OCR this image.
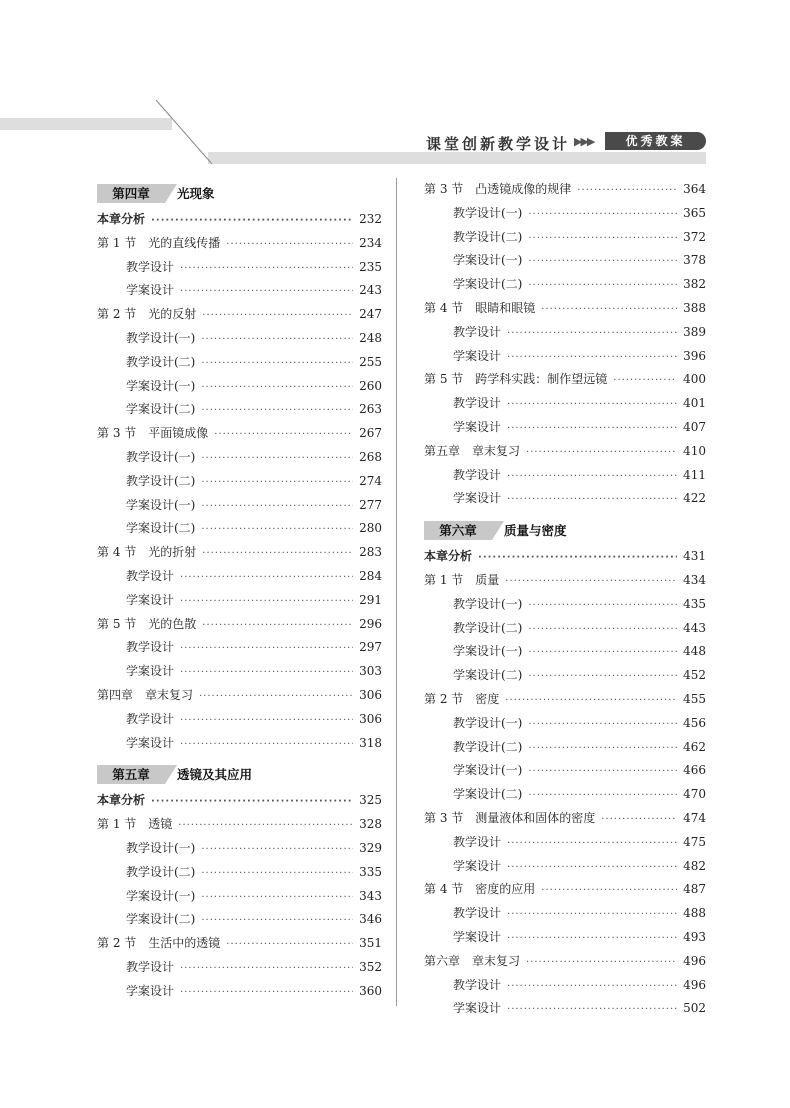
课堂创新教学设计 ▶▶▶	优秀教案
第四章	光现象
本章分析 ·····	232
第 1 节　光的直线传播 ·····	234
教学设计 ·····	235
学案设计 ·····	243
第 2 节　光的反射 ·····	247
教学设计(一) ·····	248
教学设计(二) ·····	255
学案设计(一) ·····	260
学案设计(二) ·····	263
第 3 节　平面镜成像 ·····	267
教学设计(一) ·····	268
教学设计(二) ·····	274
学案设计(一) ·····	277
学案设计(二) ·····	280
第 4 节　光的折射 ·····	283
教学设计 ·····	284
学案设计 ·····	291
第 5 节　光的色散 ·····	296
教学设计 ·····	297
学案设计 ·····	303
第四章　章末复习 ·····	306
教学设计 ·····	306
学案设计 ·····	318
第五章	透镜及其应用
本章分析 ·····	325
第 1 节　透镜 ·····	328
教学设计(一) ·····	329
教学设计(二) ·····	335
学案设计(一) ·····	343
学案设计(二) ·····	346
第 2 节　生活中的透镜 ·····	351
教学设计 ·····	352
学案设计 ·····	360
第 3 节　凸透镜成像的规律 ·····	364
教学设计(一) ·····	365
教学设计(二) ·····	372
学案设计(一) ·····	378
学案设计(二) ·····	382
第 4 节　眼睛和眼镜 ·····	388
教学设计 ·····	389
学案设计 ·····	396
第 5 节　跨学科实践：制作望远镜 ·····	400
教学设计 ·····	401
学案设计 ·····	407
第五章　章末复习 ·····	410
教学设计 ·····	411
学案设计 ·····	422
第六章	质量与密度
本章分析 ·····	431
第 1 节　质量 ·····	434
教学设计(一) ·····	435
教学设计(二) ·····	443
学案设计(一) ·····	448
学案设计(二) ·····	452
第 2 节　密度 ·····	455
教学设计(一) ·····	456
教学设计(二) ·····	462
学案设计(一) ·····	466
学案设计(二) ·····	470
第 3 节　测量液体和固体的密度 ·····	474
教学设计 ·····	475
学案设计 ·····	482
第 4 节　密度的应用 ·····	487
教学设计 ·····	488
学案设计 ·····	493
第六章　章末复习 ·····	496
教学设计 ·····	496
学案设计 ·····	502
